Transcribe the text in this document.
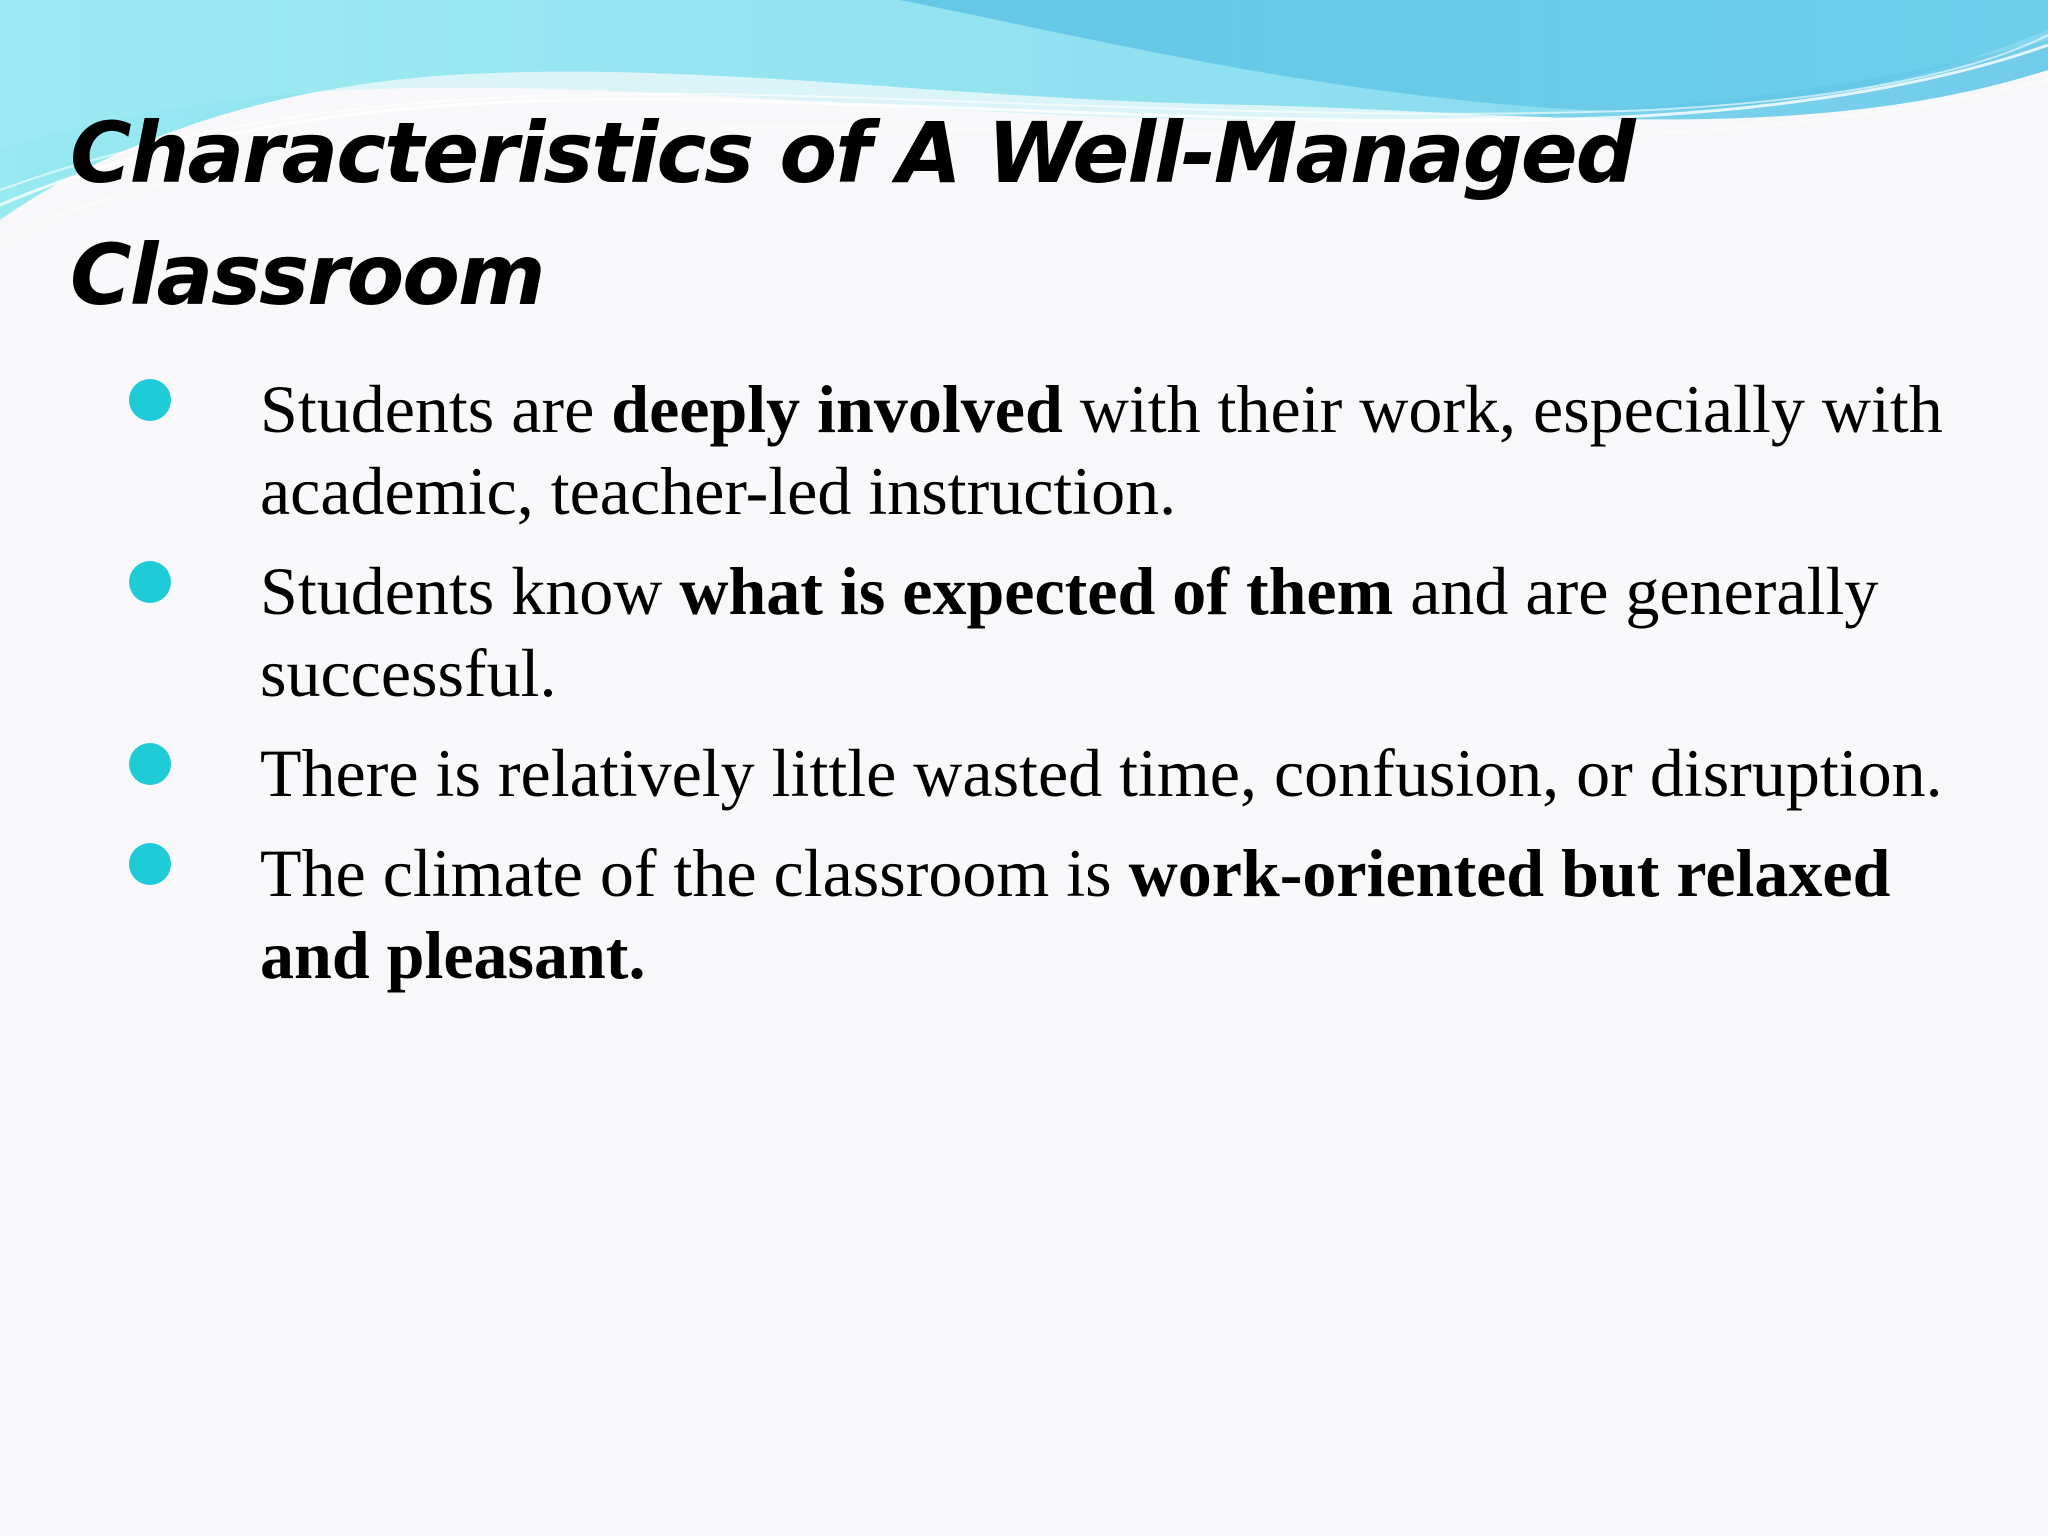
Characteristics of A Well-Managed
Classroom
Students are deeply involved with their work, especially with academic, teacher-led instruction.
Students know what is expected of them and are generally successful.
There is relatively little wasted time, confusion, or disruption.
The climate of the classroom is work-oriented but relaxed and pleasant.
